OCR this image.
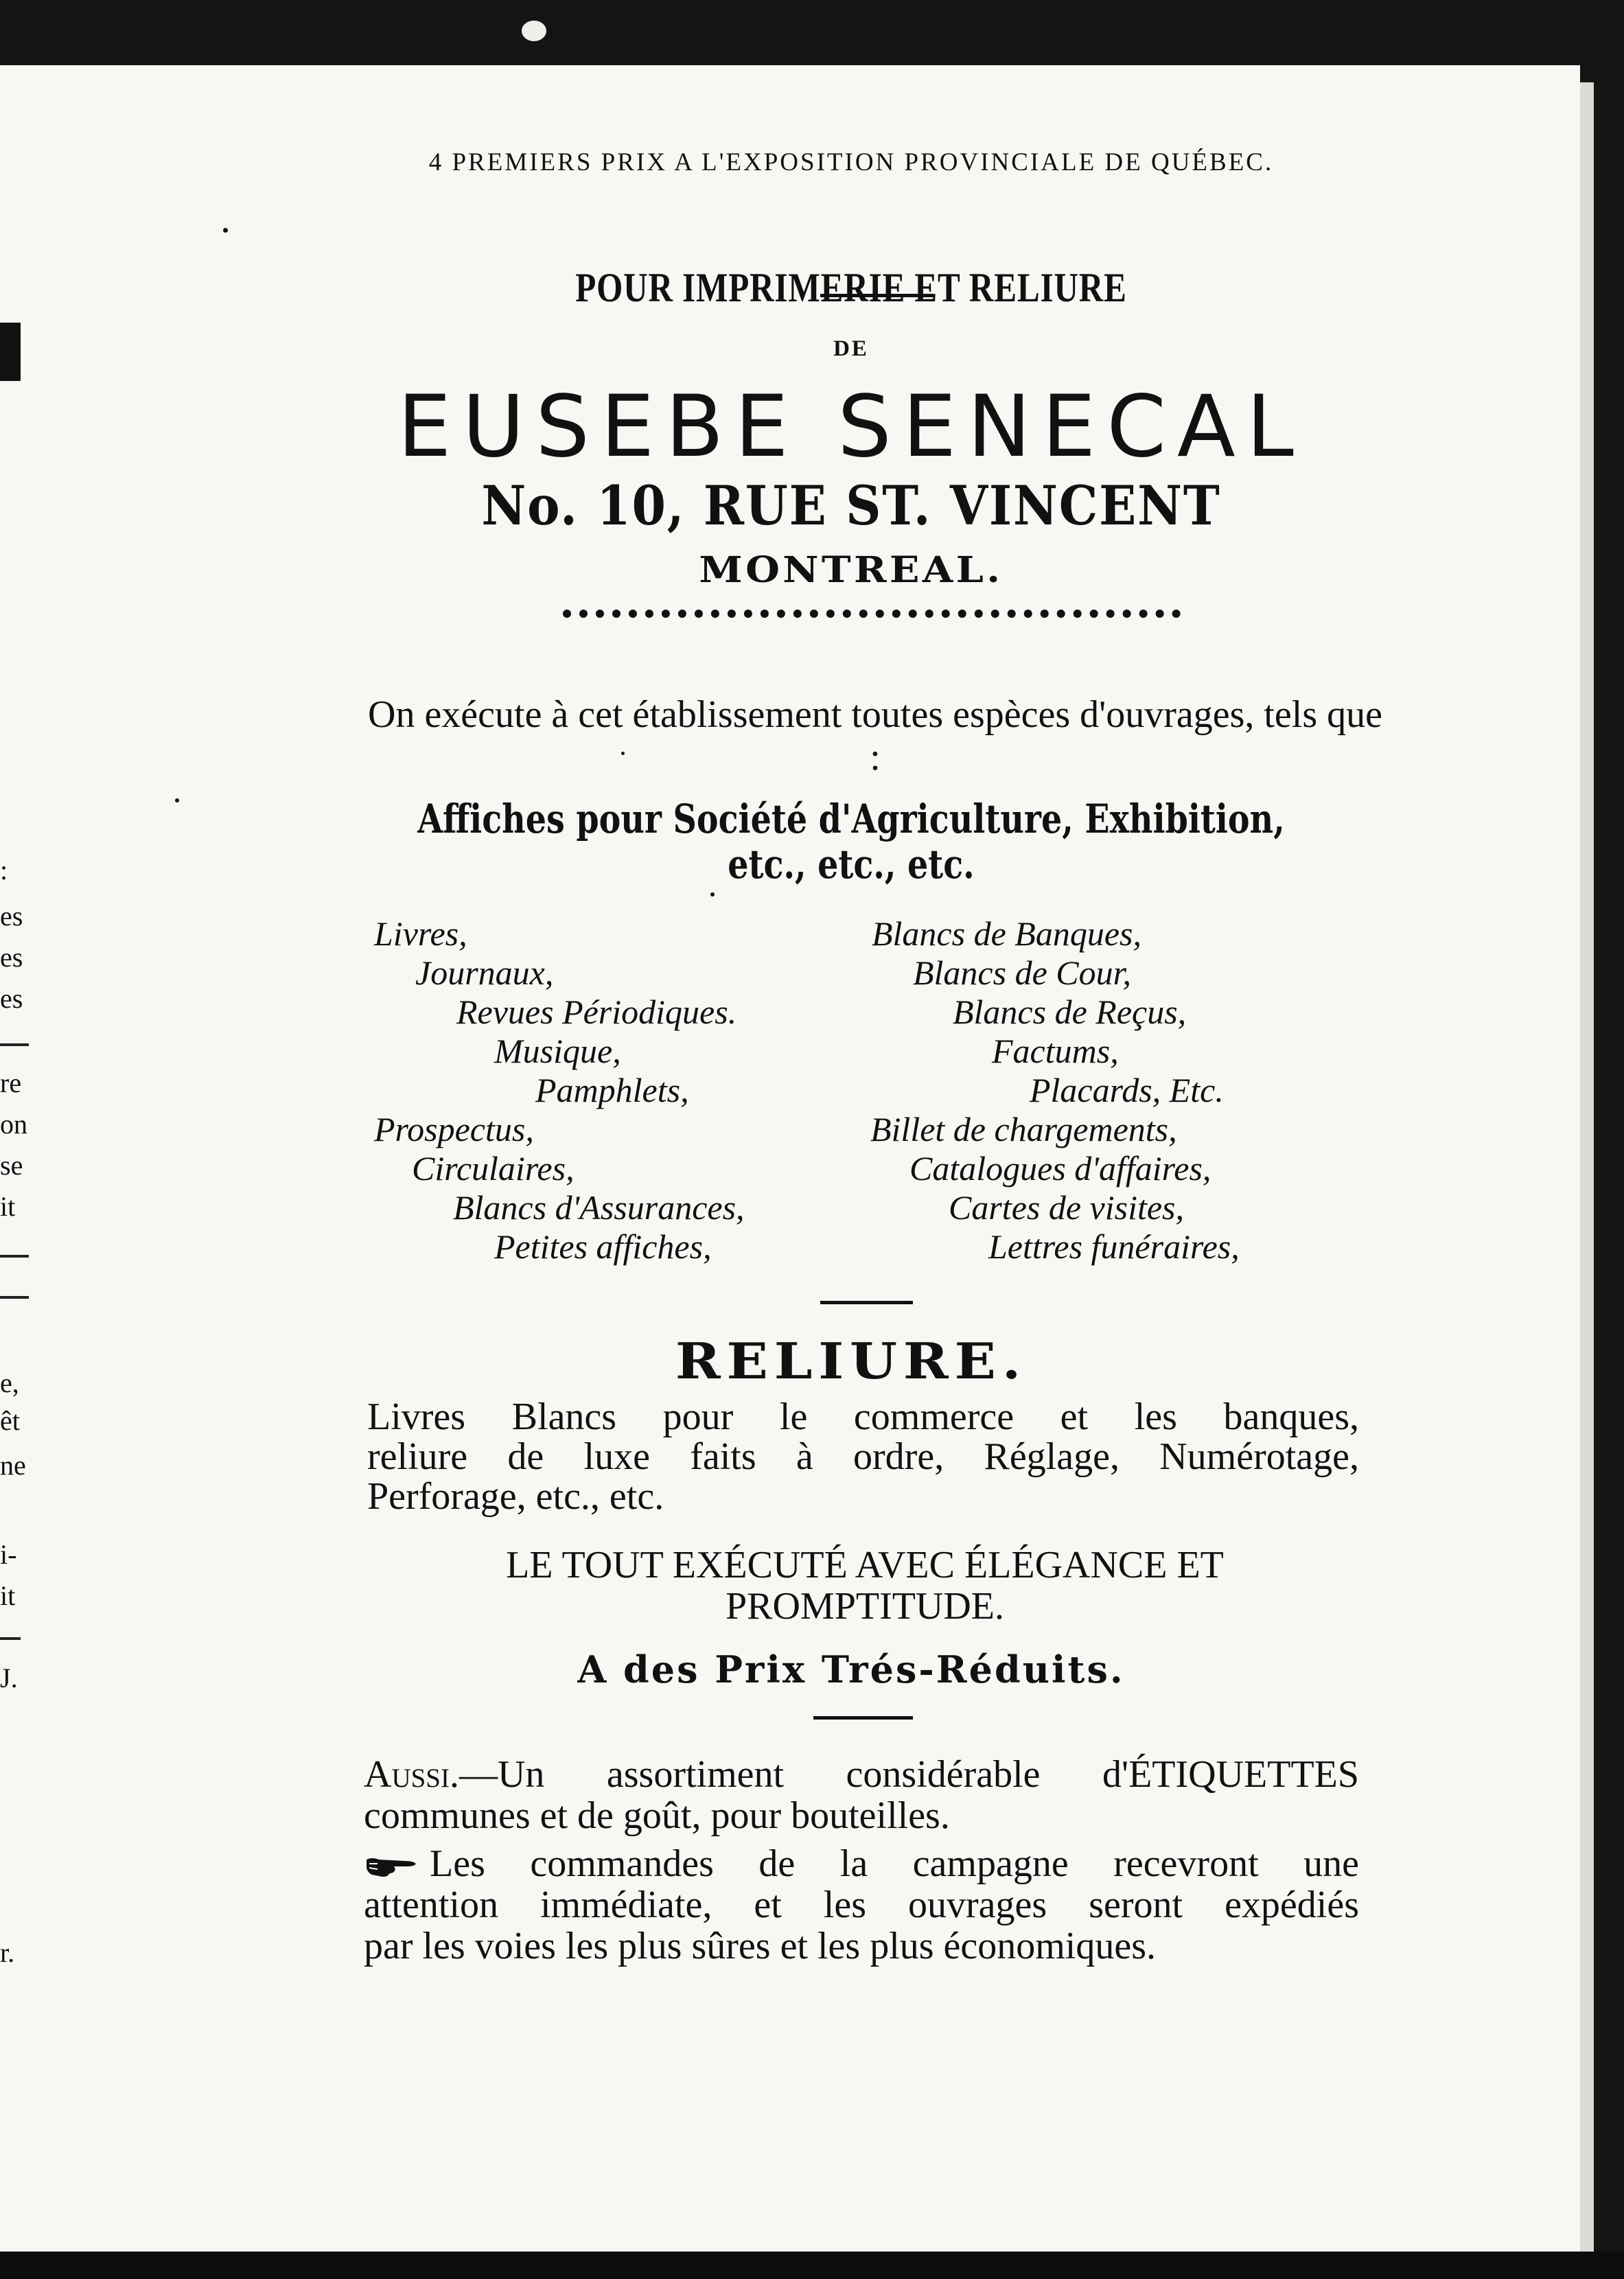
:
es
es
es
re
on
se
it
e,
êt
ne
i-
it
J.
r.
4 PREMIERS PRIX A L'EXPOSITION PROVINCIALE DE QUÉBEC.
POUR IMPRIMERIE ET RELIURE
DE
EUSEBE SENECAL
No. 10, RUE ST. VINCENT
MONTREAL.
On exécute à cet établissement toutes espèces d'ouvrages, tels que :
Affiches pour Société d'Agriculture, Exhibition,
etc., etc., etc.
Livres,
Journaux,
Revues Périodiques.
Musique,
Pamphlets,
Prospectus,
Circulaires,
Blancs d'Assurances,
Petites affiches,
Blancs de Banques,
Blancs de Cour,
Blancs de Reçus,
Factums,
Placards, Etc.
Billet de chargements,
Catalogues d'affaires,
Cartes de visites,
Lettres funéraires,
RELIURE.
Livres Blancs pour le commerce et les banques,
reliure de luxe faits à ordre, Réglage, Numérotage,
Perforage, etc., etc.
LE TOUT EXÉCUTÉ AVEC ÉLÉGANCE ET
PROMPTITUDE.
A des Prix Trés-Réduits.
Aussi.—Un assortiment considérable d'ÉTIQUETTES
communes et de goût, pour bouteilles.
Les commandes de la campagne recevront une
attention immédiate, et les ouvrages seront expédiés
par les voies les plus sûres et les plus économiques.
